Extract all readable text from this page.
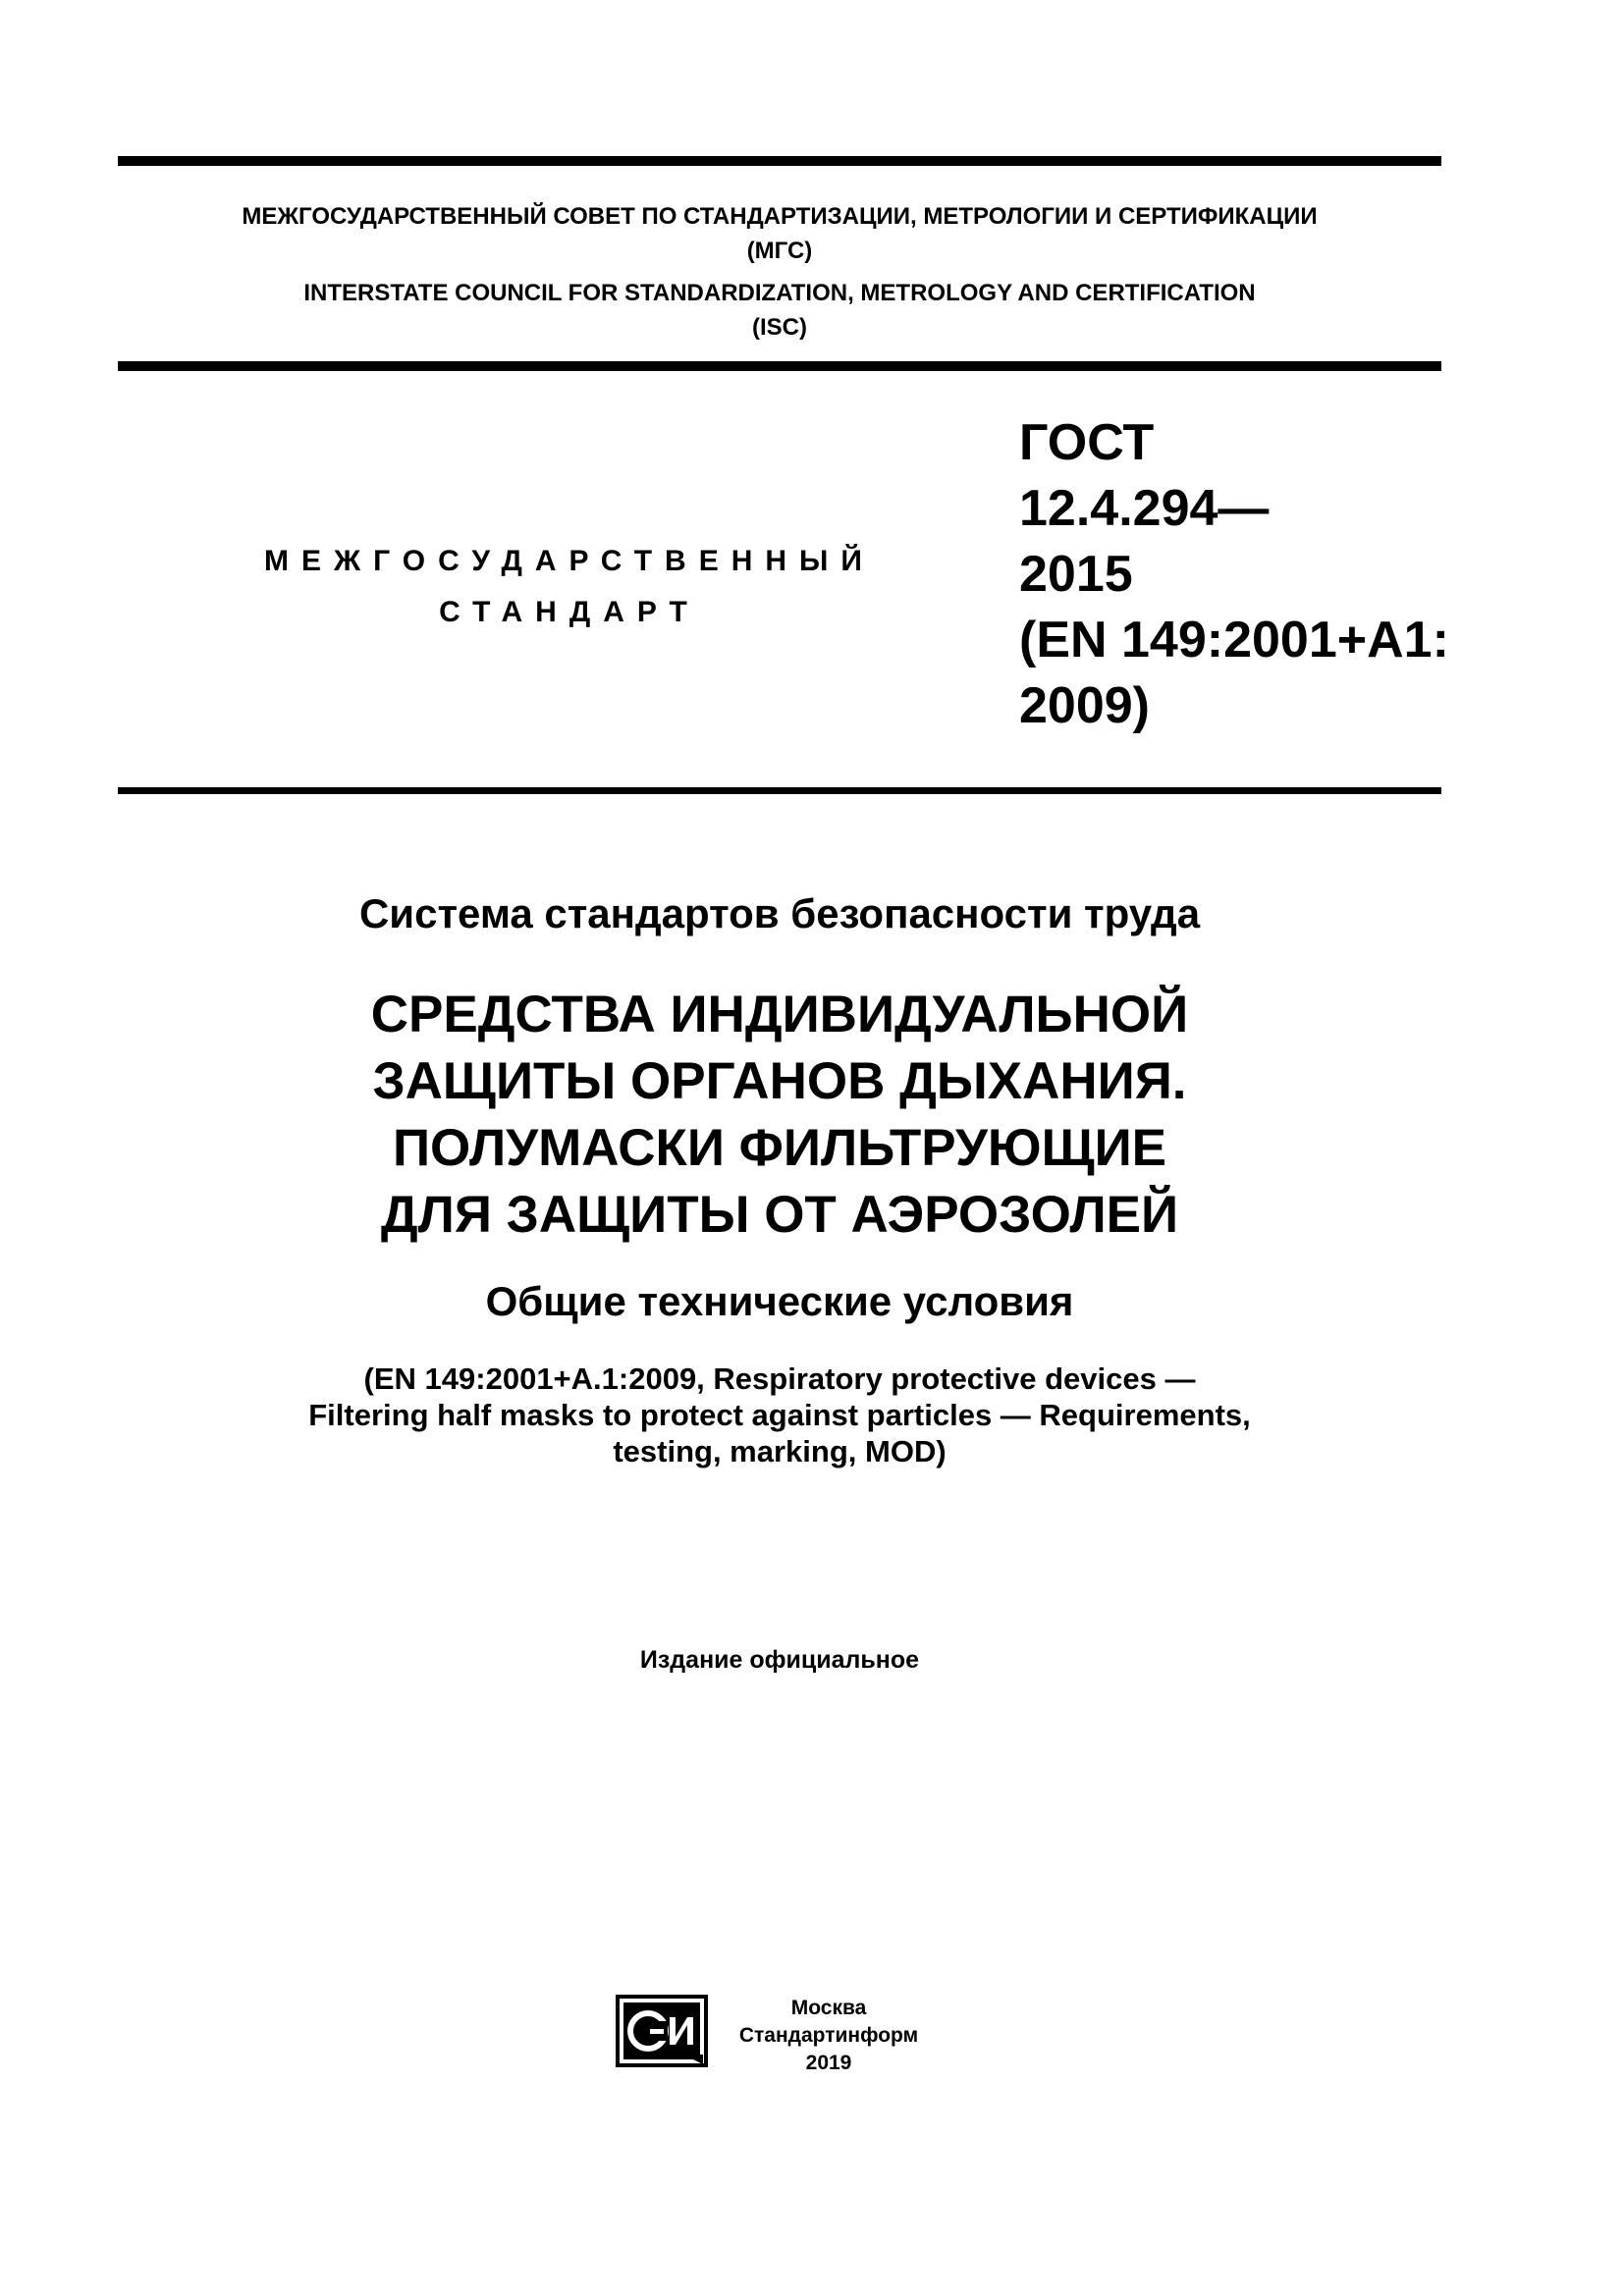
МЕЖГОСУДАРСТВЕННЫЙ СОВЕТ ПО СТАНДАРТИЗАЦИИ, МЕТРОЛОГИИ И СЕРТИФИКАЦИИ
(МГС)
INTERSTATE COUNCIL FOR STANDARDIZATION, METROLOGY AND CERTIFICATION
(ISC)
МЕЖГОСУДАРСТВЕННЫЙ
СТАНДАРТ
ГОСТ
12.4.294—
2015
(EN 149:2001+A1:
2009)
Система стандартов безопасности труда
СРЕДСТВА ИНДИВИДУАЛЬНОЙ
ЗАЩИТЫ ОРГАНОВ ДЫХАНИЯ.
ПОЛУМАСКИ ФИЛЬТРУЮЩИЕ
ДЛЯ ЗАЩИТЫ ОТ АЭРОЗОЛЕЙ
Общие технические условия
(EN 149:2001+A.1:2009, Respiratory protective devices —
Filtering half masks to protect against particles — Requirements,
testing, marking, MOD)
Издание официальное
Москва
Стандартинформ
2019
